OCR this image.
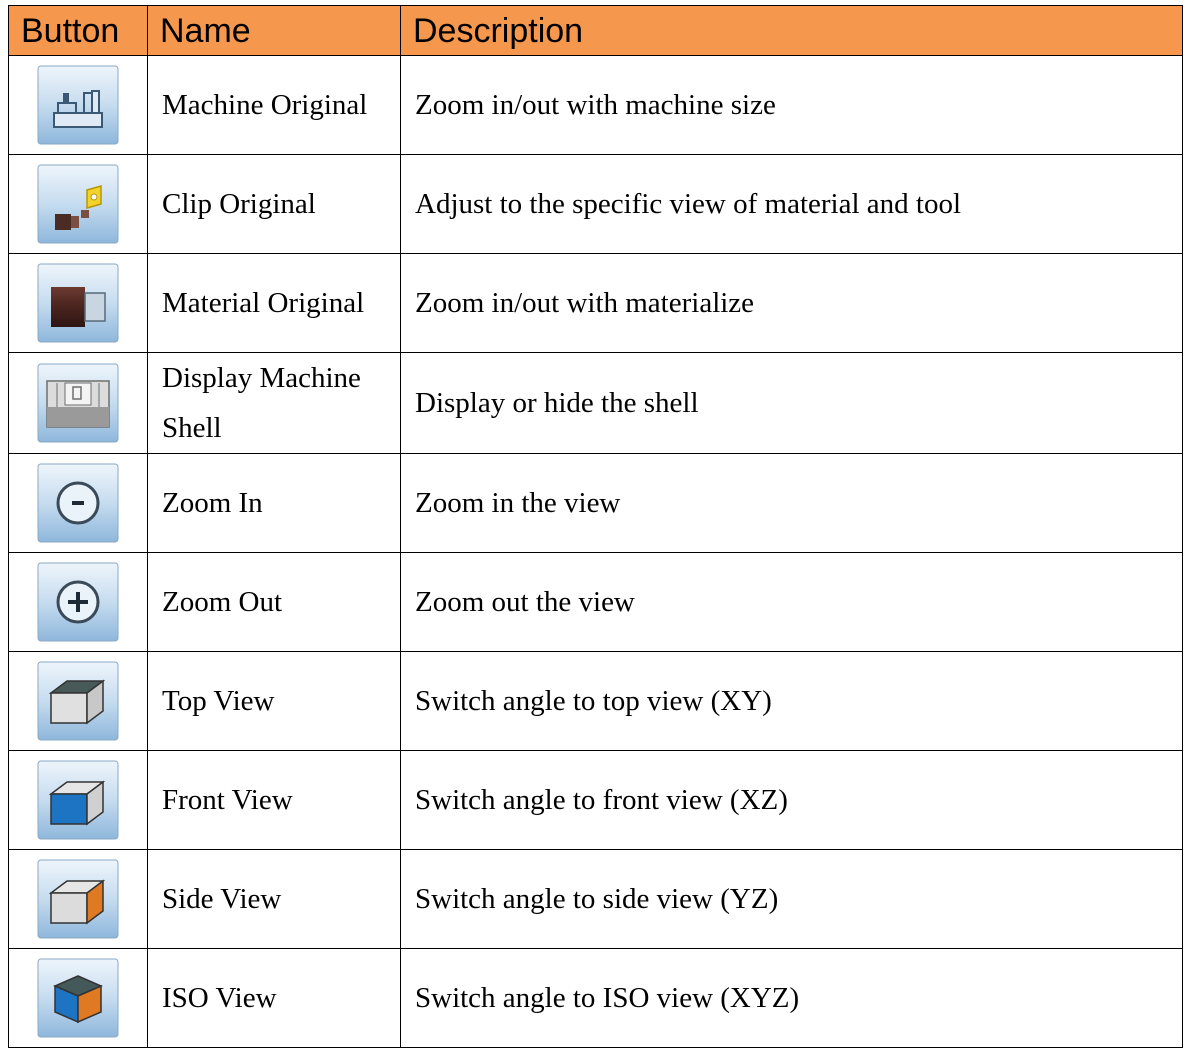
Button	Name	Description

	Machine Original	Zoom in/out with machine size

	Clip Original	Adjust to the specific view of material and tool

	Material Original	Zoom in/out with materialize

	Display Machine Shell	Display or hide the shell

	Zoom In	Zoom in the view

	Zoom Out	Zoom out the view

	Top View	Switch angle to top view (XY)

	Front View	Switch angle to front view (XZ)

	Side View	Switch angle to side view (YZ)

	ISO View	Switch angle to ISO view (XYZ)
